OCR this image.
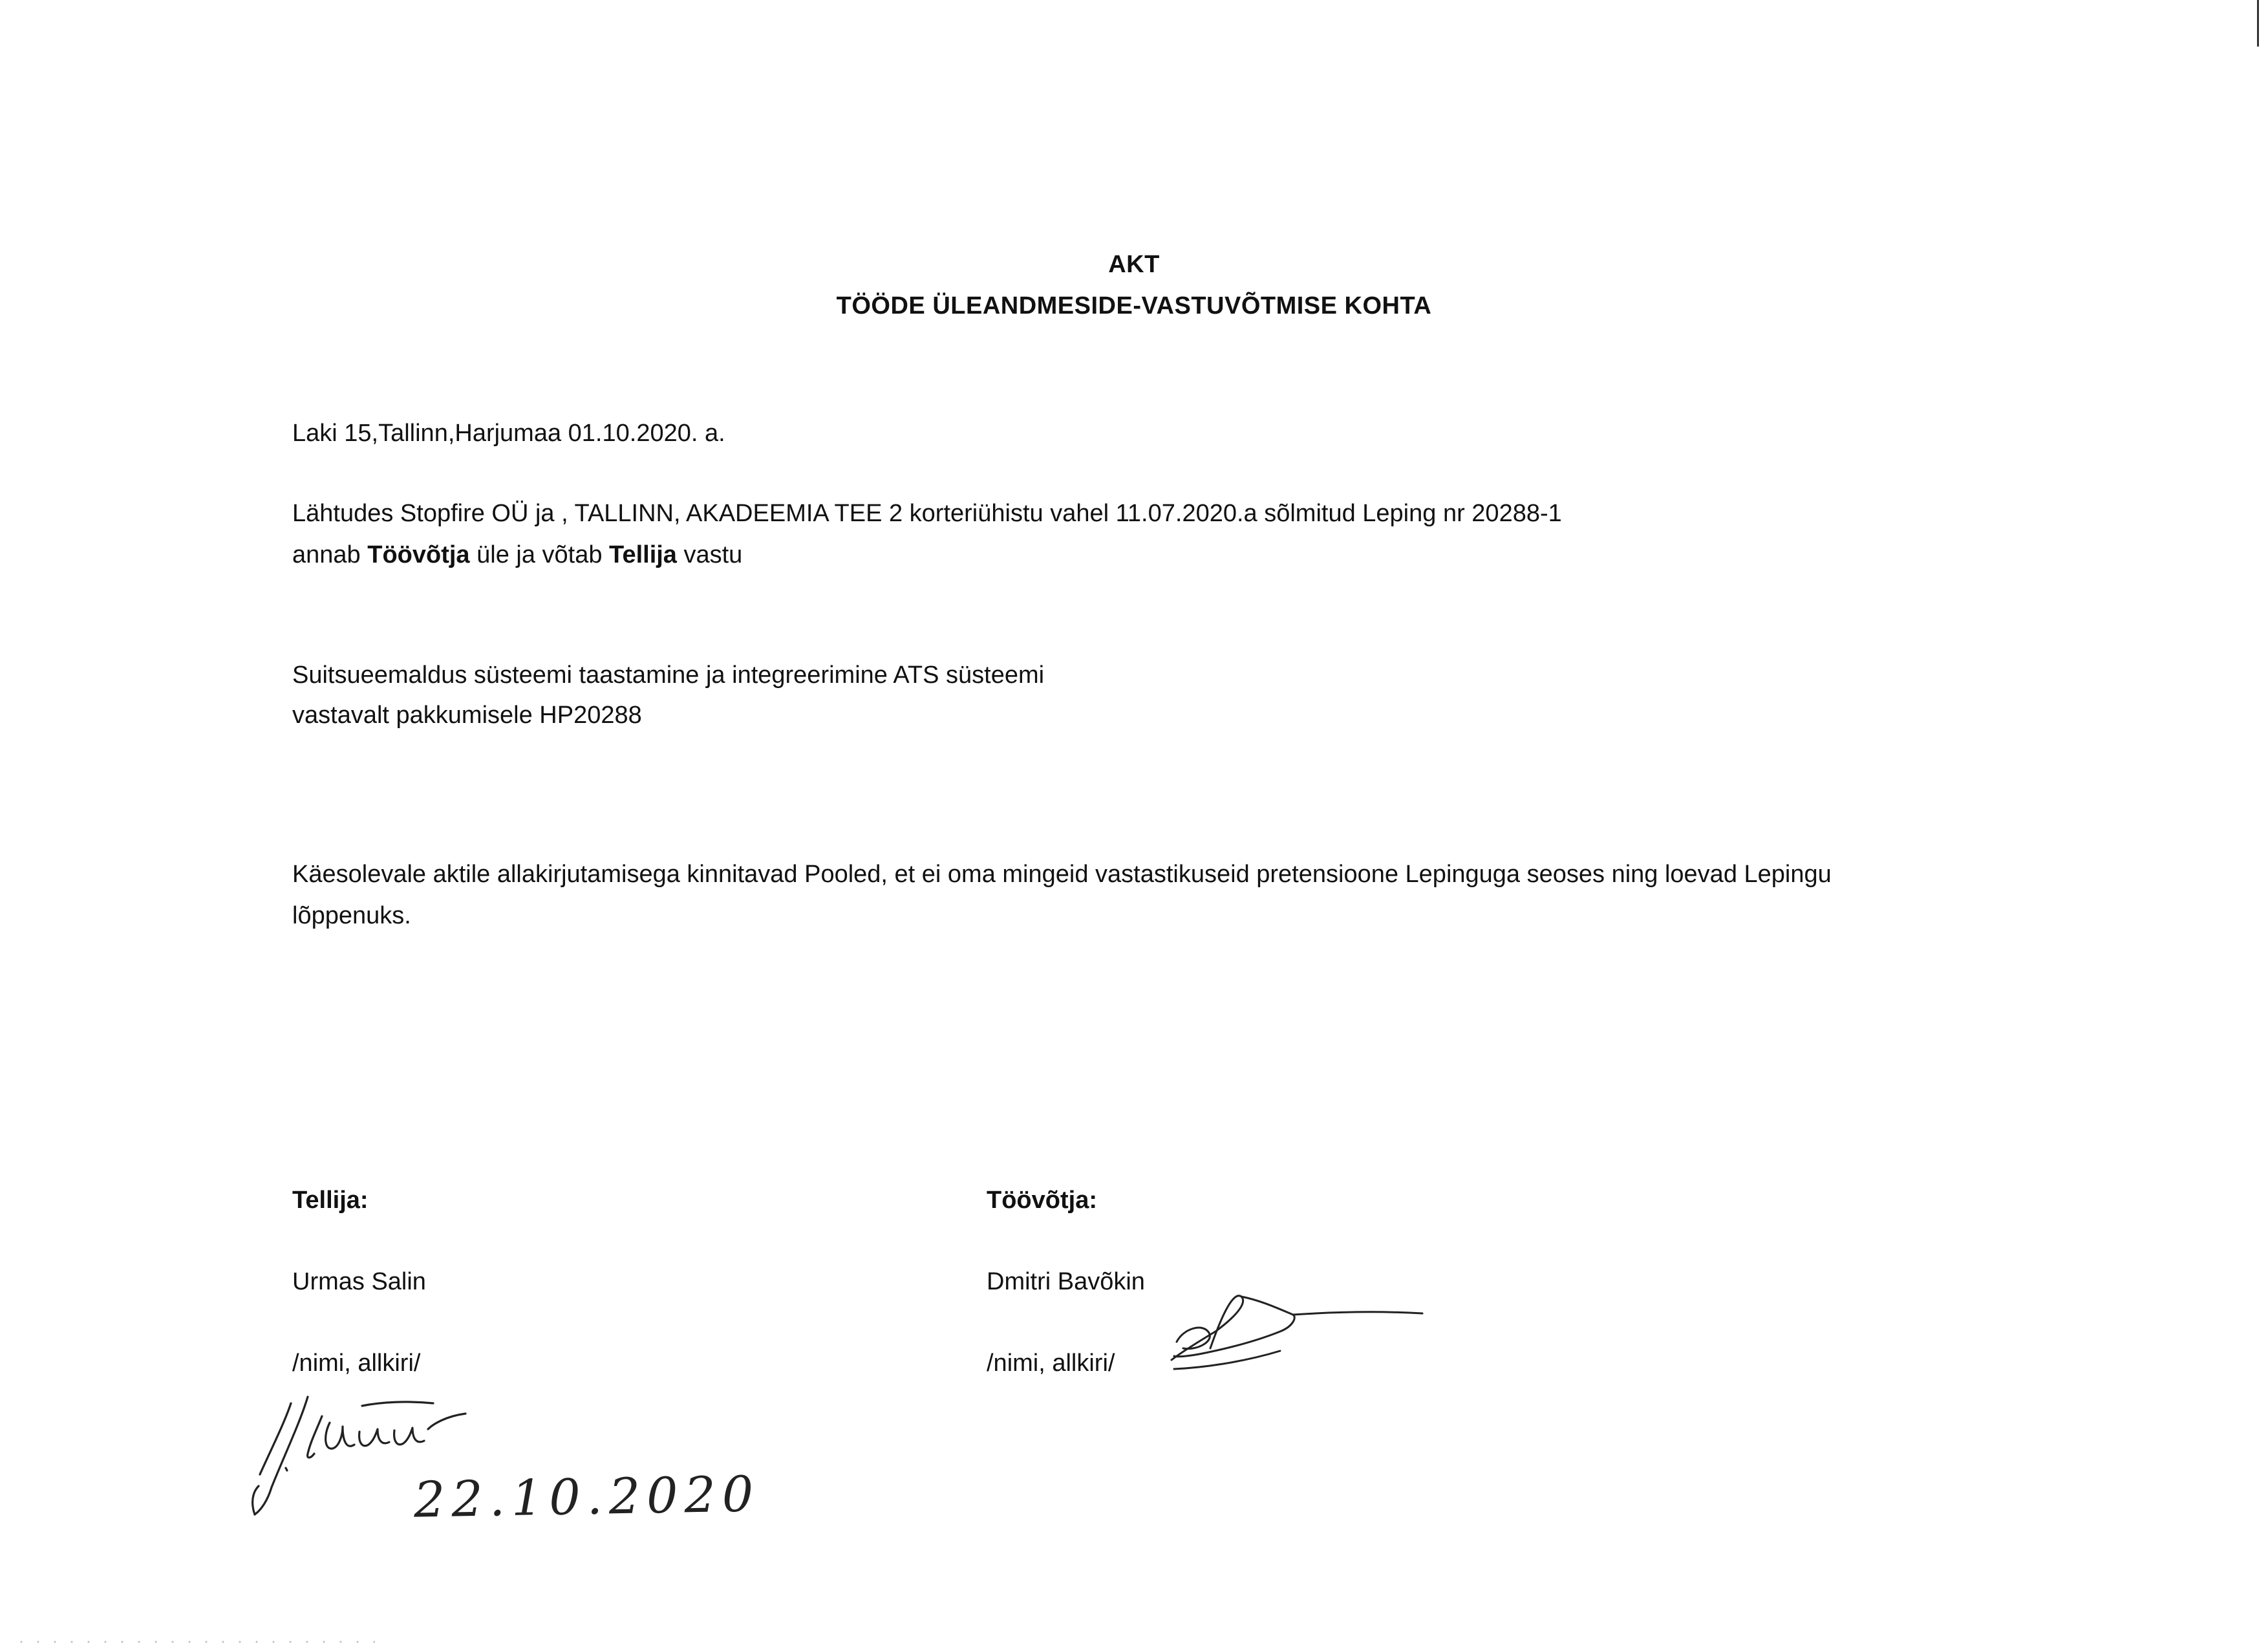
AKT
TÖÖDE ÜLEANDMESIDE-VASTUVÕTMISE KOHTA
Laki 15,Tallinn,Harjumaa 01.10.2020. a.
Lähtudes Stopfire OÜ ja , TALLINN, AKADEEMIA TEE 2 korteriühistu vahel 11.07.2020.a sõlmitud Leping nr 20288-1
annab Töövõtja üle ja võtab Tellija vastu
Suitsueemaldus süsteemi taastamine ja integreerimine ATS süsteemi
vastavalt pakkumisele HP20288
Käesolevale aktile allakirjutamisega kinnitavad Pooled, et ei oma mingeid vastastikuseid pretensioone Lepinguga seoses ning loevad Lepingu
lõppenuks.
Tellija:	Töövõtja:
Urmas Salin	Dmitri Bavõkin
/nimi, allkiri/	/nimi, allkiri/
22.10.2020
